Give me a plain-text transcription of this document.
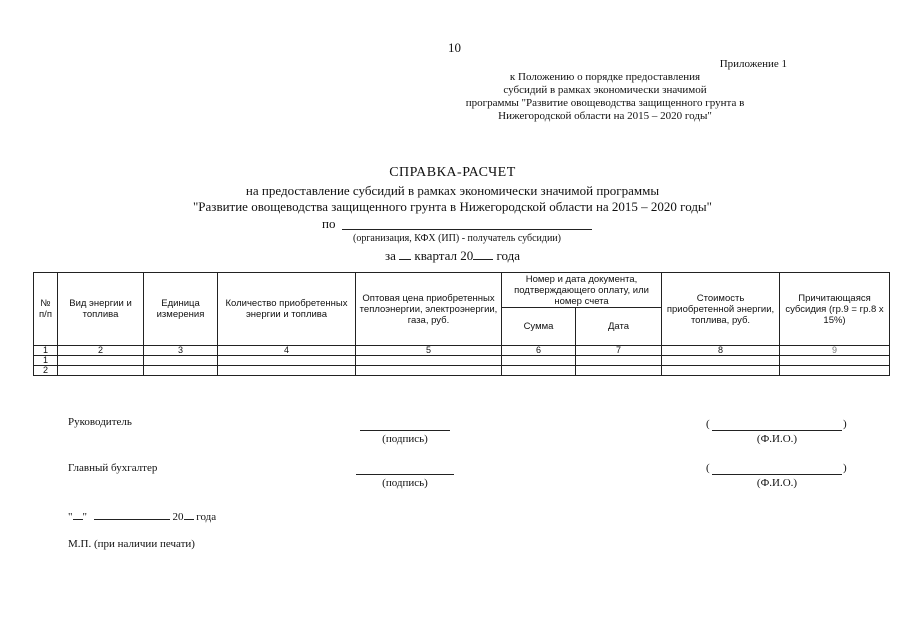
10
Приложение 1
к Положению о порядке предоставления
субсидий в рамках экономически значимой
программы "Развитие овощеводства защищенного грунта в
Нижегородской области на 2015 – 2020 годы"
СПРАВКА-РАСЧЕТ
на предоставление субсидий в рамках экономически значимой программы
"Развитие овощеводства защищенного грунта в Нижегородской области на 2015 – 2020 годы"
по
(организация, КФХ (ИП) - получатель субсидии)
за квартал 20 года
№ п/п	Вид энергии и топлива	Единица измерения	Количество приобретенных энергии и топлива	Оптовая цена приобретенных теплоэнергии, электроэнергии, газа, руб.	Номер и дата документа, подтверждающего оплату, или номер счета		Стоимость приобретенной энергии, топлива, руб.	Причитающаяся субсидия (гр.9 = гр.8 х 15%)
					Сумма	Дата		
1	2	3	4	5	6	7	8	9
1								
2								
Руководитель
(подпись)
(	)
(Ф.И.О.)
Главный бухгалтер
(подпись)
(	)
(Ф.И.О.)
" "	20 года
М.П. (при наличии печати)
